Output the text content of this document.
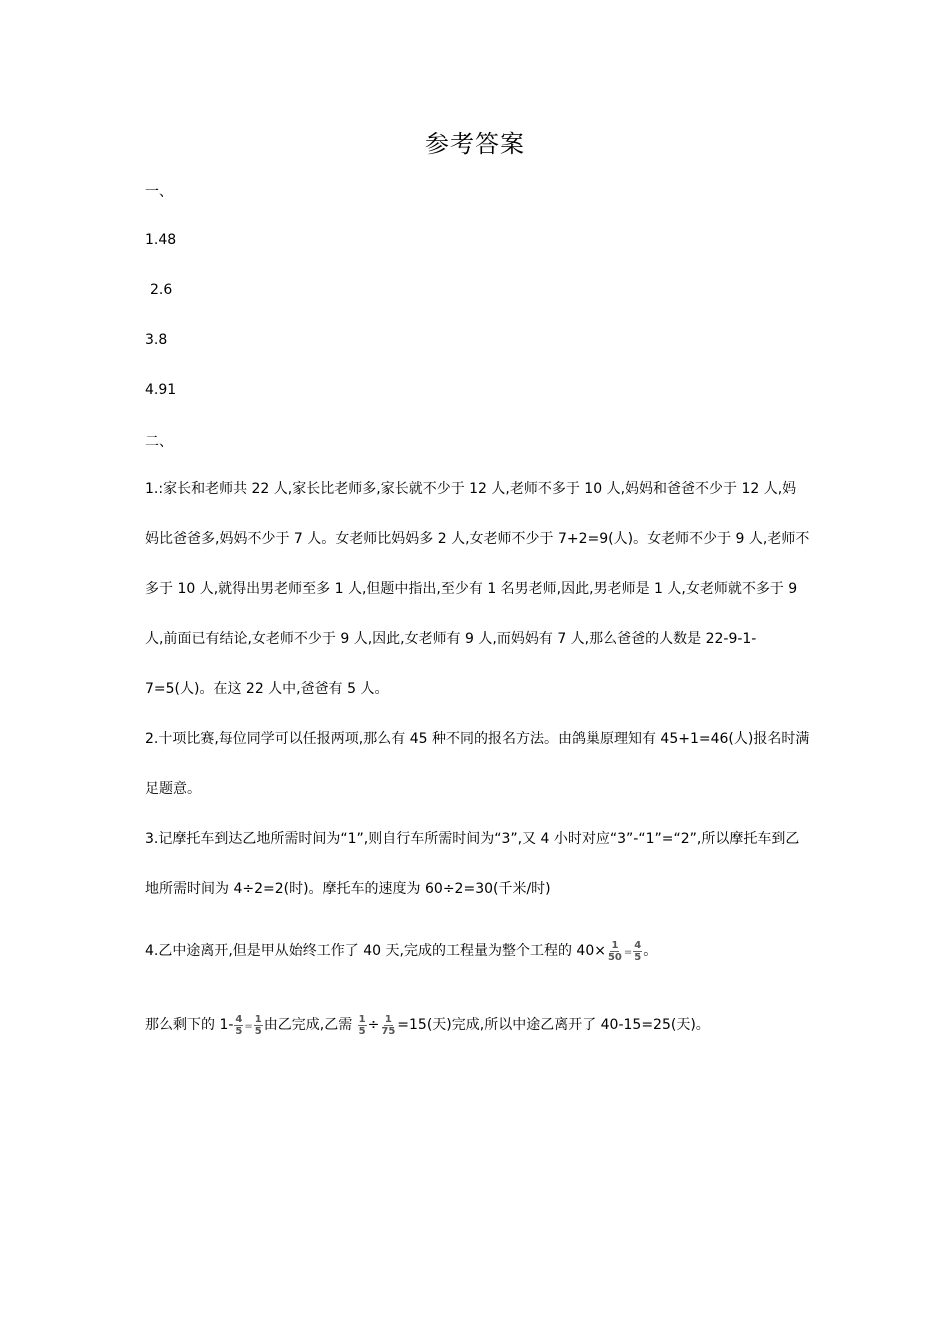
参考答案
一、
1.48
2.6
3.8
4.91
二、
1.:家长和老师共 22 人,家长比老师多,家长就不少于 12 人,老师不多于 10 人,妈妈和爸爸不少于 12 人,妈妈比爸爸多,妈妈不少于 7 人。女老师比妈妈多 2 人,女老师不少于 7+2=9(人)。女老师不少于 9 人,老师不多于 10 人,就得出男老师至多 1 人,但题中指出,至少有 1 名男老师,因此,男老师是 1 人,女老师就不多于 9 人,前面已有结论,女老师不少于 9 人,因此,女老师有 9 人,而妈妈有 7 人,那么爸爸的人数是 22-9-1-7=5(人)。在这 22 人中,爸爸有 5 人。
2.十项比赛,每位同学可以任报两项,那么有 45 种不同的报名方法。由鸽巢原理知有 45+1=46(人)报名时满足题意。
3.记摩托车到达乙地所需时间为“1”,则自行车所需时间为“3”,又 4 小时对应“3”-“1”=“2”,所以摩托车到乙地所需时间为 4÷2=2(时)。摩托车的速度为 60÷2=30(千米/时)
4.乙中途离开,但是甲从始终工作了 40 天,完成的工程量为整个工程的 $40\times \frac{1}{50} = \frac{4}{5}$ 。
那么剩下的 $1- \frac{4}{5} = \frac{1}{5}$ 由乙完成,乙需 $\frac{1}{5} \div \frac{1}{75} =15$(天)完成,所以中途乙离开了 40-15=25(天)。
